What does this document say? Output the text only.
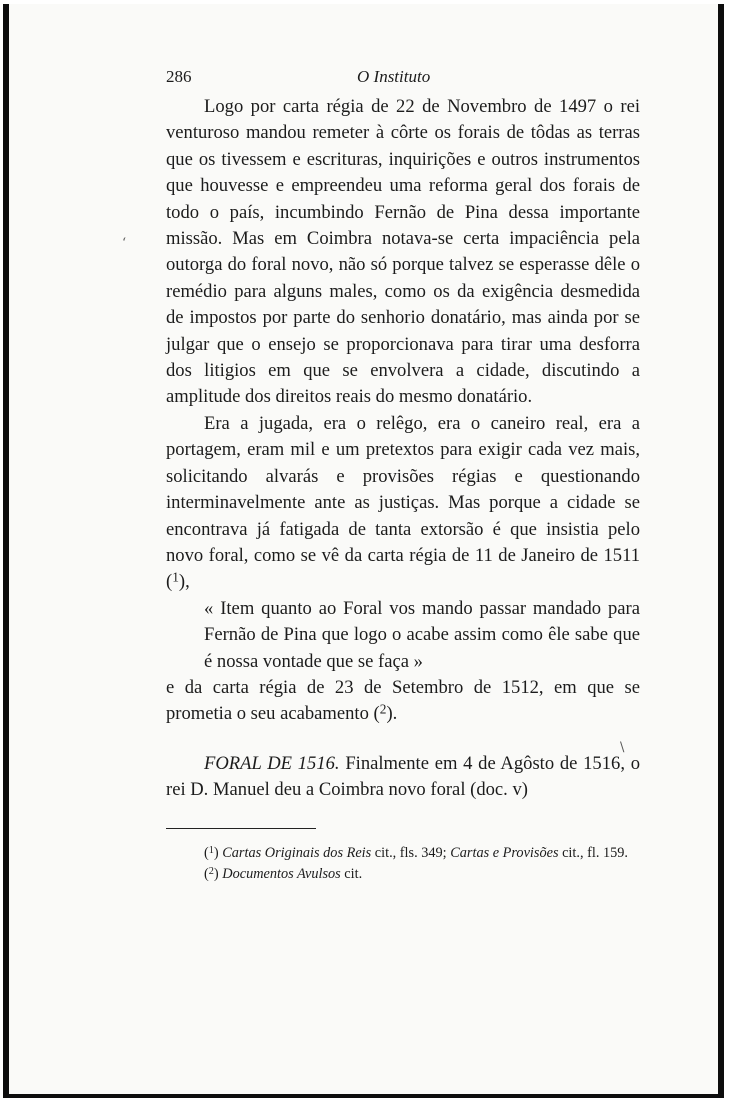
‘
\
286	O Instituto

Logo por carta régia de 22 de Novembro de 1497 o rei venturoso mandou remeter à côrte os forais de tôdas as terras que os tivessem e escrituras, inquirições e outros instrumentos que houvesse e empreendeu uma reforma geral dos forais de todo o país, incumbindo Fernão de Pina dessa importante missão. Mas em Coimbra notava-se certa impaciência pela outorga do foral novo, não só porque talvez se esperasse dêle o remédio para alguns males, como os da exigência desmedida de impostos por parte do senhorio donatário, mas ainda por se julgar que o ensejo se proporcionava para tirar uma desforra dos litigios em que se envolvera a cidade, discutindo a amplitude dos direitos reais do mesmo donatário.

Era a jugada, era o relêgo, era o caneiro real, era a portagem, eram mil e um pretextos para exigir cada vez mais, solicitando alvarás e provisões régias e questionando interminavelmente ante as justiças. Mas porque a cidade se encontrava já fatigada de tanta extorsão é que insistia pelo novo foral, como se vê da carta régia de 11 de Janeiro de 1511 ($^1$),

« Item quanto ao Foral vos mando passar mandado para Fernão de Pina que logo o acabe assim como êle sabe que é nossa vontade que se faça »

e da carta régia de 23 de Setembro de 1512, em que se prometia o seu acabamento ($^2$).

FORAL DE 1516. Finalmente em 4 de Agôsto de 1516, o rei D. Manuel deu a Coimbra novo foral (doc. v)

($^1$) Cartas Originais dos Reis cit., fls. 349; Cartas e Provisões cit., fl. 159.

($^2$) Documentos Avulsos cit.
